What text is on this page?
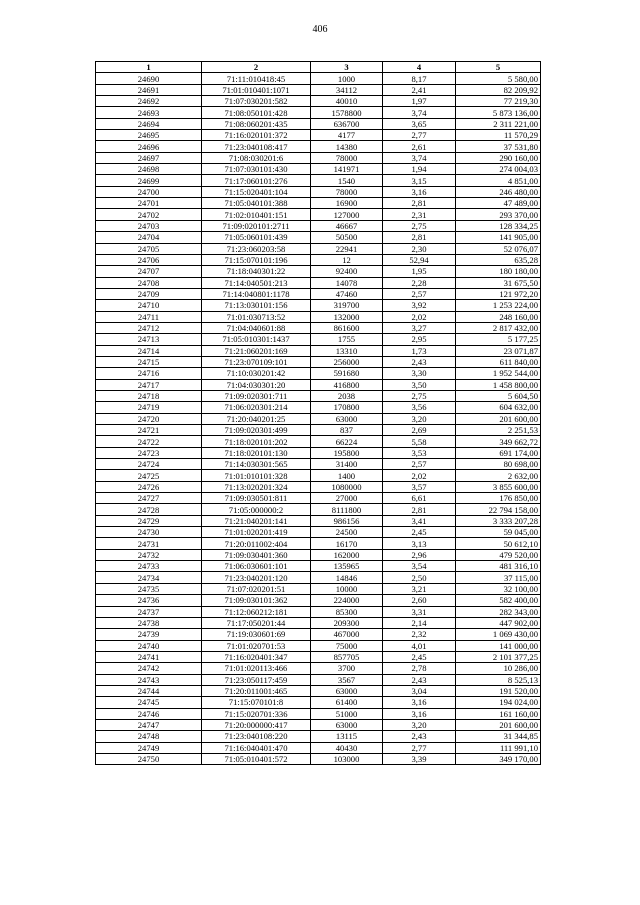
406
1	2	3	4	5
24690	71:11:010418:45	1000	8,17	5 580,00
24691	71:01:010401:1071	34112	2,41	82 209,92
24692	71:07:030201:582	40010	1,97	77 219,30
24693	71:08:050101:428	1578800	3,74	5 873 136,00
24694	71:08:060201:435	636700	3,65	2 311 221,00
24695	71:16:020101:372	4177	2,77	11 570,29
24696	71:23:040108:417	14380	2,61	37 531,80
24697	71:08:030201:6	78000	3,74	290 160,00
24698	71:07:030101:430	141971	1,94	274 004,03
24699	71:17:060101:276	1540	3,15	4 851,00
24700	71:15:020401:104	78000	3,16	246 480,00
24701	71:05:040101:388	16900	2,81	47 489,00
24702	71:02:010401:151	127000	2,31	293 370,00
24703	71:09:020101:2711	46667	2,75	128 334,25
24704	71:05:060101:439	50500	2,81	141 905,00
24705	71:23:060203:58	22941	2,30	52 076,07
24706	71:15:070101:196	12	52,94	635,28
24707	71:18:040301:22	92400	1,95	180 180,00
24708	71:14:040501:213	14078	2,28	31 675,50
24709	71:14:040801:1178	47460	2,57	121 972,20
24710	71:13:030101:156	319700	3,92	1 253 224,00
24711	71:01:030713:52	132000	2,02	248 160,00
24712	71:04:040601:88	861600	3,27	2 817 432,00
24713	71:05:010301:1437	1755	2,95	5 177,25
24714	71:21:060201:169	13310	1,73	23 071,87
24715	71:23:070109:101	256000	2,43	611 840,00
24716	71:10:030201:42	591680	3,30	1 952 544,00
24717	71:04:030301:20	416800	3,50	1 458 800,00
24718	71:09:020301:711	2038	2,75	5 604,50
24719	71:06:020301:214	170800	3,56	604 632,00
24720	71:20:040201:25	63000	3,20	201 600,00
24721	71:09:020301:499	837	2,69	2 251,53
24722	71:18:020101:202	66224	5,58	349 662,72
24723	71:18:020101:130	195800	3,53	691 174,00
24724	71:14:030301:565	31400	2,57	80 698,00
24725	71:01:010101:328	1400	2,02	2 632,00
24726	71:13:020201:324	1080000	3,57	3 855 600,00
24727	71:09:030501:811	27000	6,61	176 850,00
24728	71:05:000000:2	8111800	2,81	22 794 158,00
24729	71:21:040201:141	986156	3,41	3 333 207,28
24730	71:01:020201:419	24500	2,45	59 045,00
24731	71:20:011002:404	16170	3,13	50 612,10
24732	71:09:030401:360	162000	2,96	479 520,00
24733	71:06:030601:101	135965	3,54	481 316,10
24734	71:23:040201:120	14846	2,50	37 115,00
24735	71:07:020201:51	10000	3,21	32 100,00
24736	71:09:030101:362	224000	2,60	582 400,00
24737	71:12:060212:181	85300	3,31	282 343,00
24738	71:17:050201:44	209300	2,14	447 902,00
24739	71:19:030601:69	467000	2,32	1 069 430,00
24740	71:01:020701:53	75000	4,01	141 000,00
24741	71:16:020401:347	857705	2,45	2 101 377,25
24742	71:01:020113:466	3700	2,78	10 286,00
24743	71:23:050117:459	3567	2,43	8 525,13
24744	71:20:011001:465	63000	3,04	191 520,00
24745	71:15:070101:8	61400	3,16	194 024,00
24746	71:15:020701:336	51000	3,16	161 160,00
24747	71:20:000000:417	63000	3,20	201 600,00
24748	71:23:040108:220	13115	2,43	31 344,85
24749	71:16:040401:470	40430	2,77	111 991,10
24750	71:05:010401:572	103000	3,39	349 170,00
